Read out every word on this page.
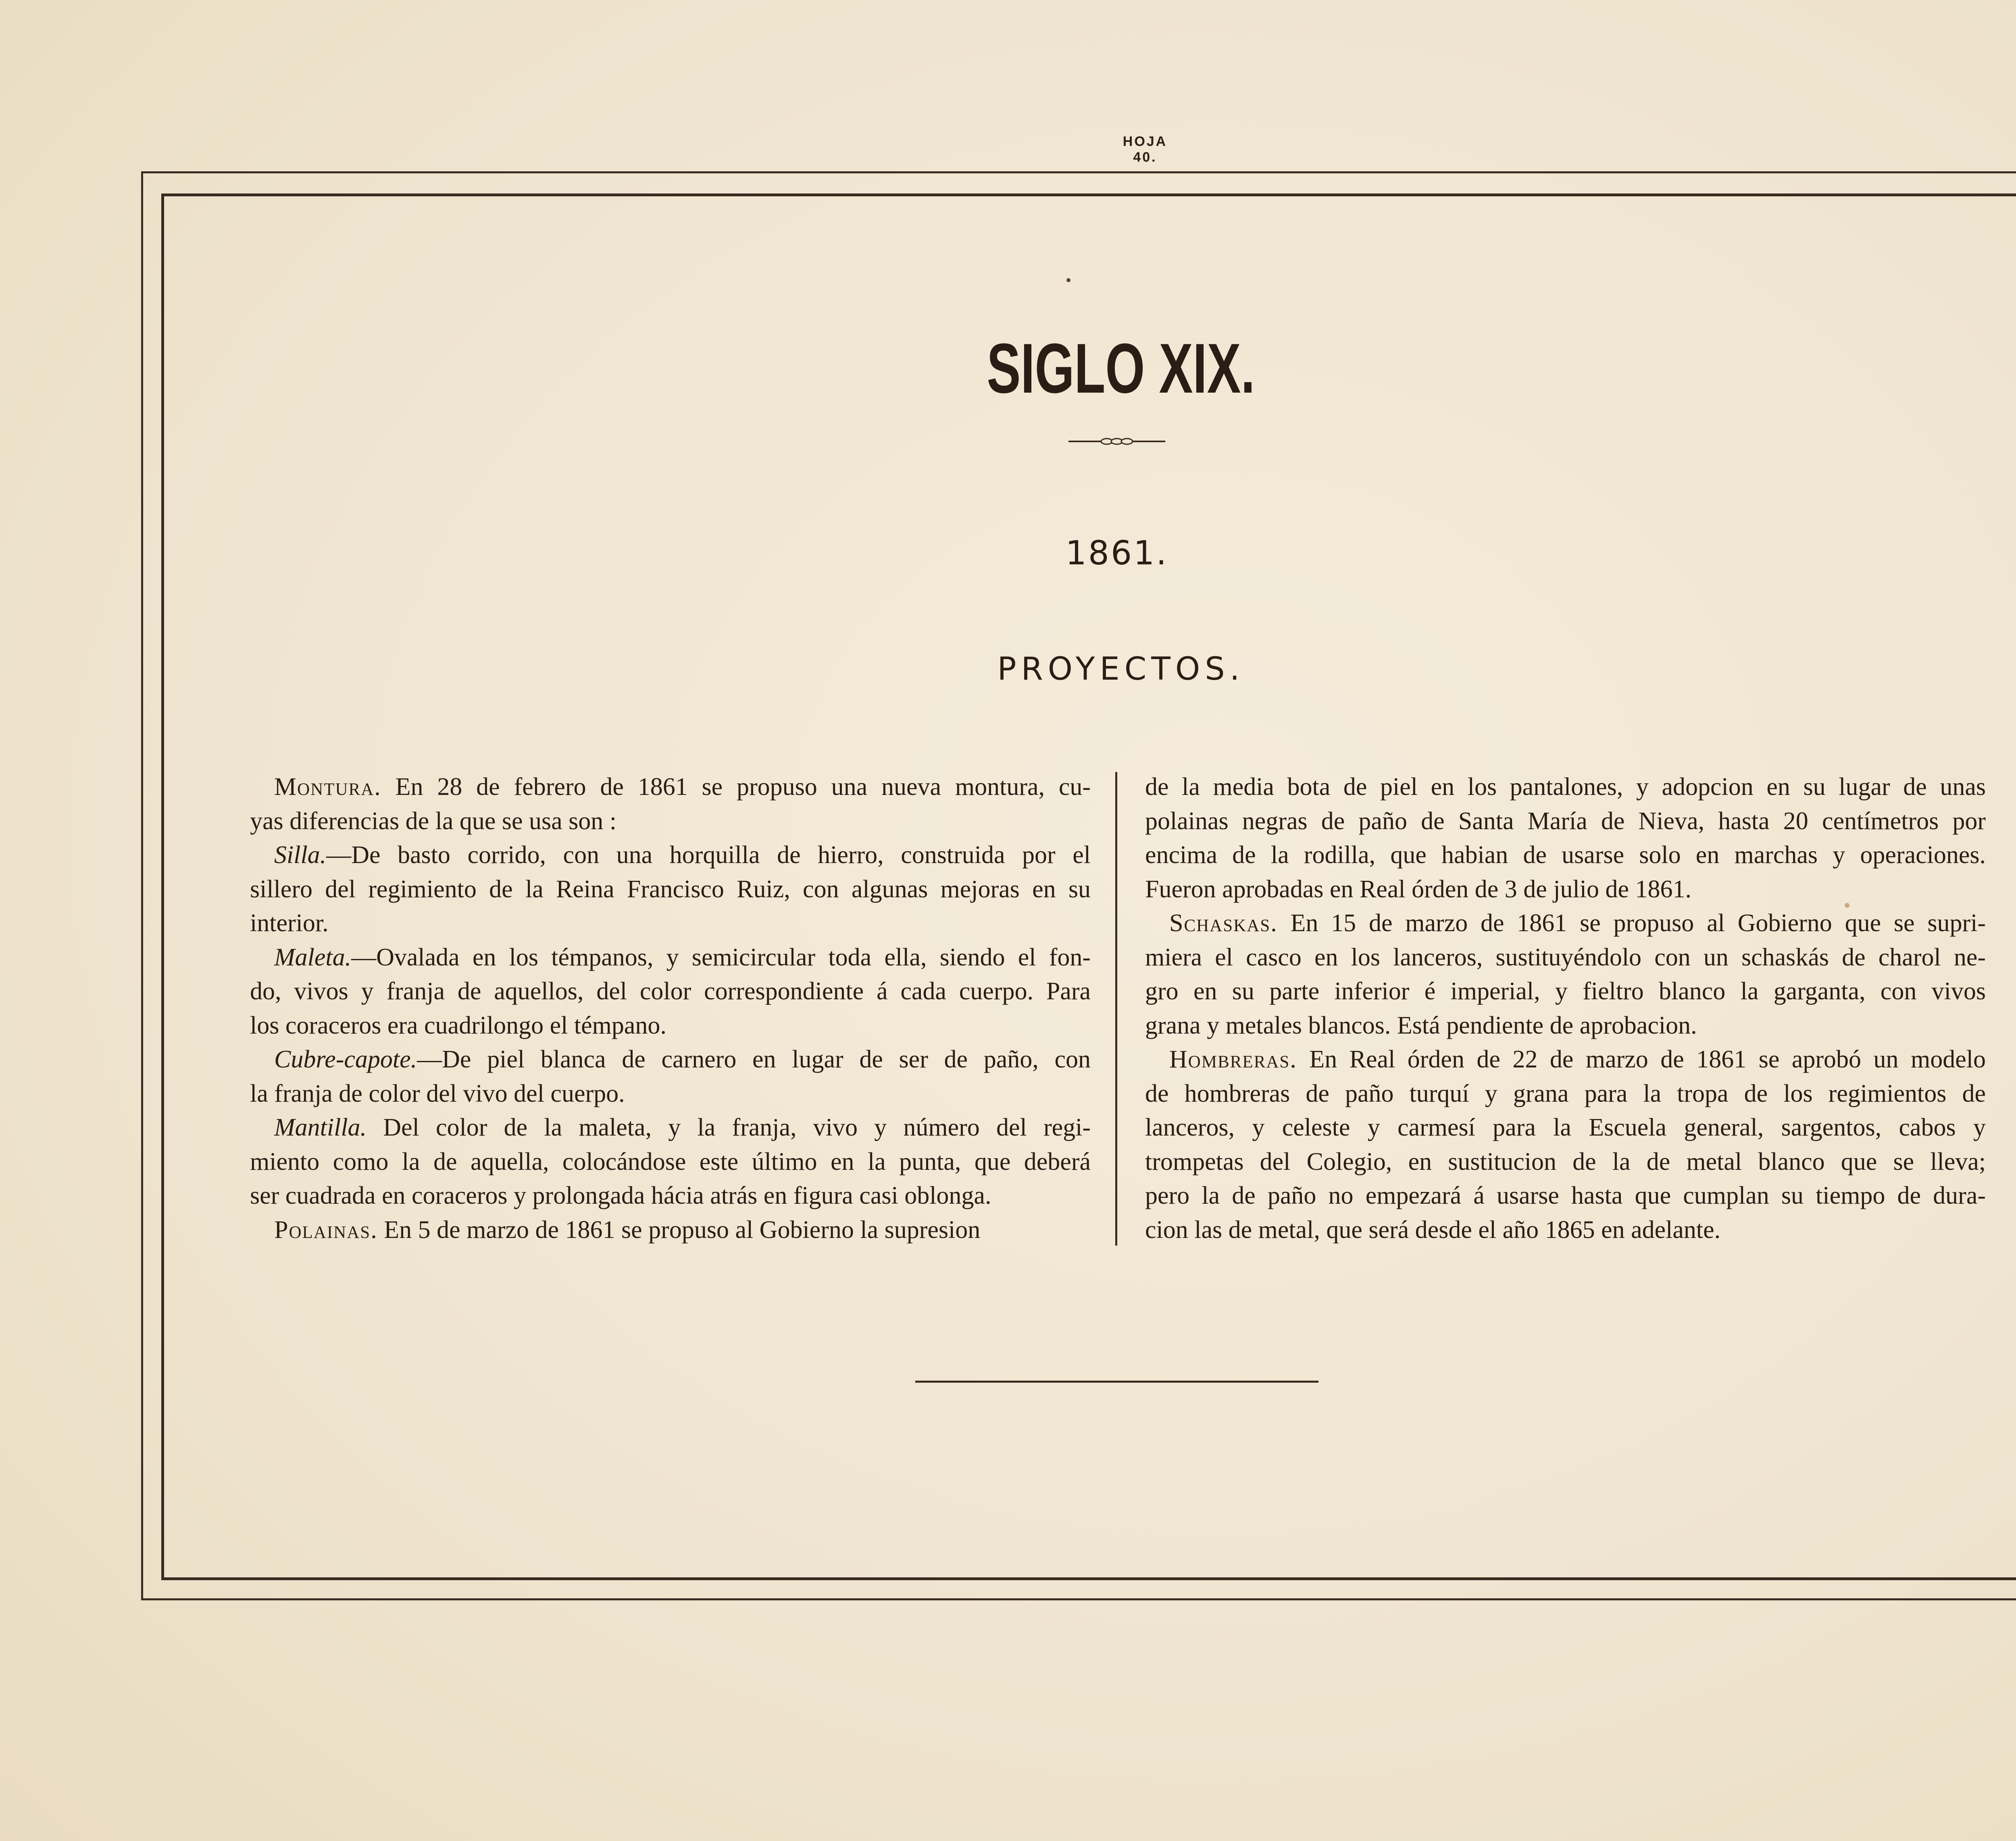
HOJA 40.
SIGLO XIX.
1861.
PROYECTOS.
Montura. En 28 de febrero de 1861 se propuso una nueva montura, cu-
yas diferencias de la que se usa son :
Silla.—De basto corrido, con una horquilla de hierro, construida por el
sillero del regimiento de la Reina Francisco Ruiz, con algunas mejoras en su
interior.
Maleta.—Ovalada en los témpanos, y semicircular toda ella, siendo el fon-
do, vivos y franja de aquellos, del color correspondiente á cada cuerpo. Para
los coraceros era cuadrilongo el témpano.
Cubre-capote.—De piel blanca de carnero en lugar de ser de paño, con
la franja de color del vivo del cuerpo.
Mantilla. Del color de la maleta, y la franja, vivo y número del regi-
miento como la de aquella, colocándose este último en la punta, que deberá
ser cuadrada en coraceros y prolongada hácia atrás en figura casi oblonga.
Polainas. En 5 de marzo de 1861 se propuso al Gobierno la supresion
de la media bota de piel en los pantalones, y adopcion en su lugar de unas
polainas negras de paño de Santa María de Nieva, hasta 20 centímetros por
encima de la rodilla, que habian de usarse solo en marchas y operaciones.
Fueron aprobadas en Real órden de 3 de julio de 1861.
Schaskas. En 15 de marzo de 1861 se propuso al Gobierno que se supri-
miera el casco en los lanceros, sustituyéndolo con un schaskás de charol ne-
gro en su parte inferior é imperial, y fieltro blanco la garganta, con vivos
grana y metales blancos. Está pendiente de aprobacion.
Hombreras. En Real órden de 22 de marzo de 1861 se aprobó un modelo
de hombreras de paño turquí y grana para la tropa de los regimientos de
lanceros, y celeste y carmesí para la Escuela general, sargentos, cabos y
trompetas del Colegio, en sustitucion de la de metal blanco que se lleva;
pero la de paño no empezará á usarse hasta que cumplan su tiempo de dura-
cion las de metal, que será desde el año 1865 en adelante.
